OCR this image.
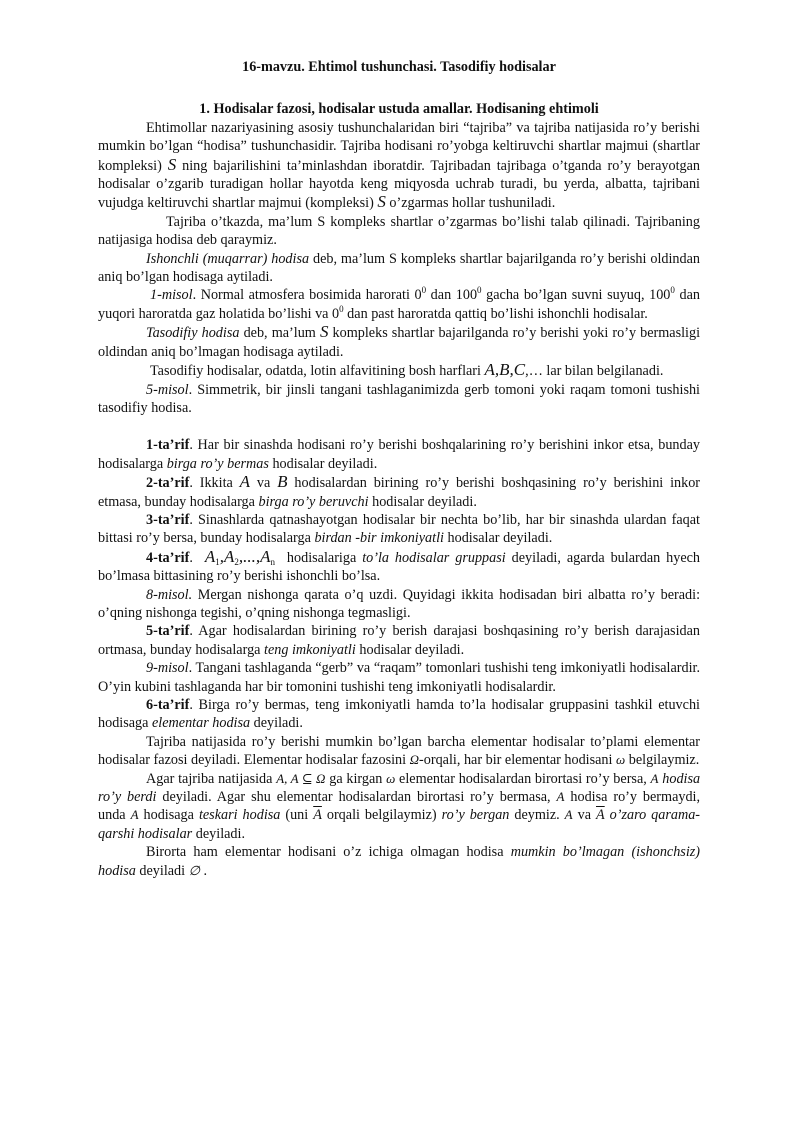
16-mavzu. Ehtimol tushunchasi. Tasodifiy hodisalar
1. Hodisalar fazosi, hodisalar ustuda amallar. Hodisaning ehtimoli

Ehtimollar nazariyasining asosiy tushunchalaridan biri “tajriba” va tajriba natijasida ro’y berishi mumkin bo’lgan “hodisa” tushunchasidir. Tajriba hodisani ro’yobga keltiruvchi shartlar majmui (shartlar kompleksi) S ning bajarilishini ta’minlashdan iboratdir. Tajribadan tajribaga o’tganda ro’y berayotgan hodisalar o’zgarib turadigan hollar hayotda keng miqyosda uchrab turadi, bu yerda, albatta, tajribani vujudga keltiruvchi shartlar majmui (kompleksi) S o’zgarmas hollar tushuniladi.

Tajriba o’tkazda, ma’lum S kompleks shartlar o’zgarmas bo’lishi talab qilinadi. Tajribaning natijasiga hodisa deb qaraymiz.

Ishonchli (muqarrar) hodisa deb, ma’lum S kompleks shartlar bajarilganda ro’y berishi oldindan aniq bo’lgan hodisaga aytiladi.

1-misol. Normal atmosfera bosimida harorati $0^0$ dan $100^0$ gacha bo’lgan suvni suyuq, $100^0$ dan yuqori haroratda gaz holatida bo’lishi va $0^0$ dan past haroratda qattiq bo’lishi ishonchli hodisalar.

Tasodifiy hodisa deb, ma’lum S kompleks shartlar bajarilganda ro’y berishi yoki ro’y bermasligi oldindan aniq bo’lmagan hodisaga aytiladi.

Tasodifiy hodisalar, odatda, lotin alfavitining bosh harflari A,B,C,… lar bilan belgilanadi.

5-misol. Simmetrik, bir jinsli tangani tashlaganimizda gerb tomoni yoki raqam tomoni tushishi tasodifiy hodisa.

1-ta’rif. Har bir sinashda hodisani ro’y berishi boshqalarining ro’y berishini inkor etsa, bunday hodisalarga birga ro’y bermas hodisalar deyiladi.

2-ta’rif. Ikkita A va B hodisalardan birining ro’y berishi boshqasining ro’y berishini inkor etmasa, bunday hodisalarga birga ro’y beruvchi hodisalar deyiladi.

3-ta’rif. Sinashlarda qatnashayotgan hodisalar bir nechta bo’lib, har bir sinashda ulardan faqat bittasi ro’y bersa, bunday hodisalarga birdan -bir imkoniyatli hodisalar deyiladi.

4-ta’rif. $A_1,A_2,...,A_n$ hodisalariga to’la hodisalar gruppasi deyiladi, agarda bulardan hyech bo’lmasa bittasining ro’y berishi ishonchli bo’lsa.

8-misol. Mergan nishonga qarata o’q uzdi. Quyidagi ikkita hodisadan biri albatta ro’y beradi: o’qning nishonga tegishi, o’qning nishonga tegmasligi.

5-ta’rif. Agar hodisalardan birining ro’y berish darajasi boshqasining ro’y berish darajasidan ortmasa, bunday hodisalarga teng imkoniyatli hodisalar deyiladi.

9-misol. Tangani tashlaganda “gerb” va “raqam” tomonlari tushishi teng imkoniyatli hodisalardir. O’yin kubini tashlaganda har bir tomonini tushishi teng imkoniyatli hodisalardir.

6-ta’rif. Birga ro’y bermas, teng imkoniyatli hamda to’la hodisalar gruppasini tashkil etuvchi hodisaga elementar hodisa deyiladi.

Tajriba natijasida ro’y berishi mumkin bo’lgan barcha elementar hodisalar to’plami elementar hodisalar fazosi deyiladi. Elementar hodisalar fazosini Ω-orqali, har bir elementar hodisani ω belgilaymiz.

Agar tajriba natijasida A, A ⊆ Ω ga kirgan ω elementar hodisalardan birortasi ro’y bersa, A hodisa ro’y berdi deyiladi. Agar shu elementar hodisalardan birortasi ro’y bermasa, A hodisa ro’y bermaydi, unda A hodisaga teskari hodisa (uni $\overline{A}$ orqali belgilaymiz) ro’y bergan deymiz. A va $\overline{A}$ o’zaro qarama-qarshi hodisalar deyiladi.

Birorta ham elementar hodisani o’z ichiga olmagan hodisa mumkin bo’lmagan (ishonchsiz) hodisa deyiladi ∅ .
